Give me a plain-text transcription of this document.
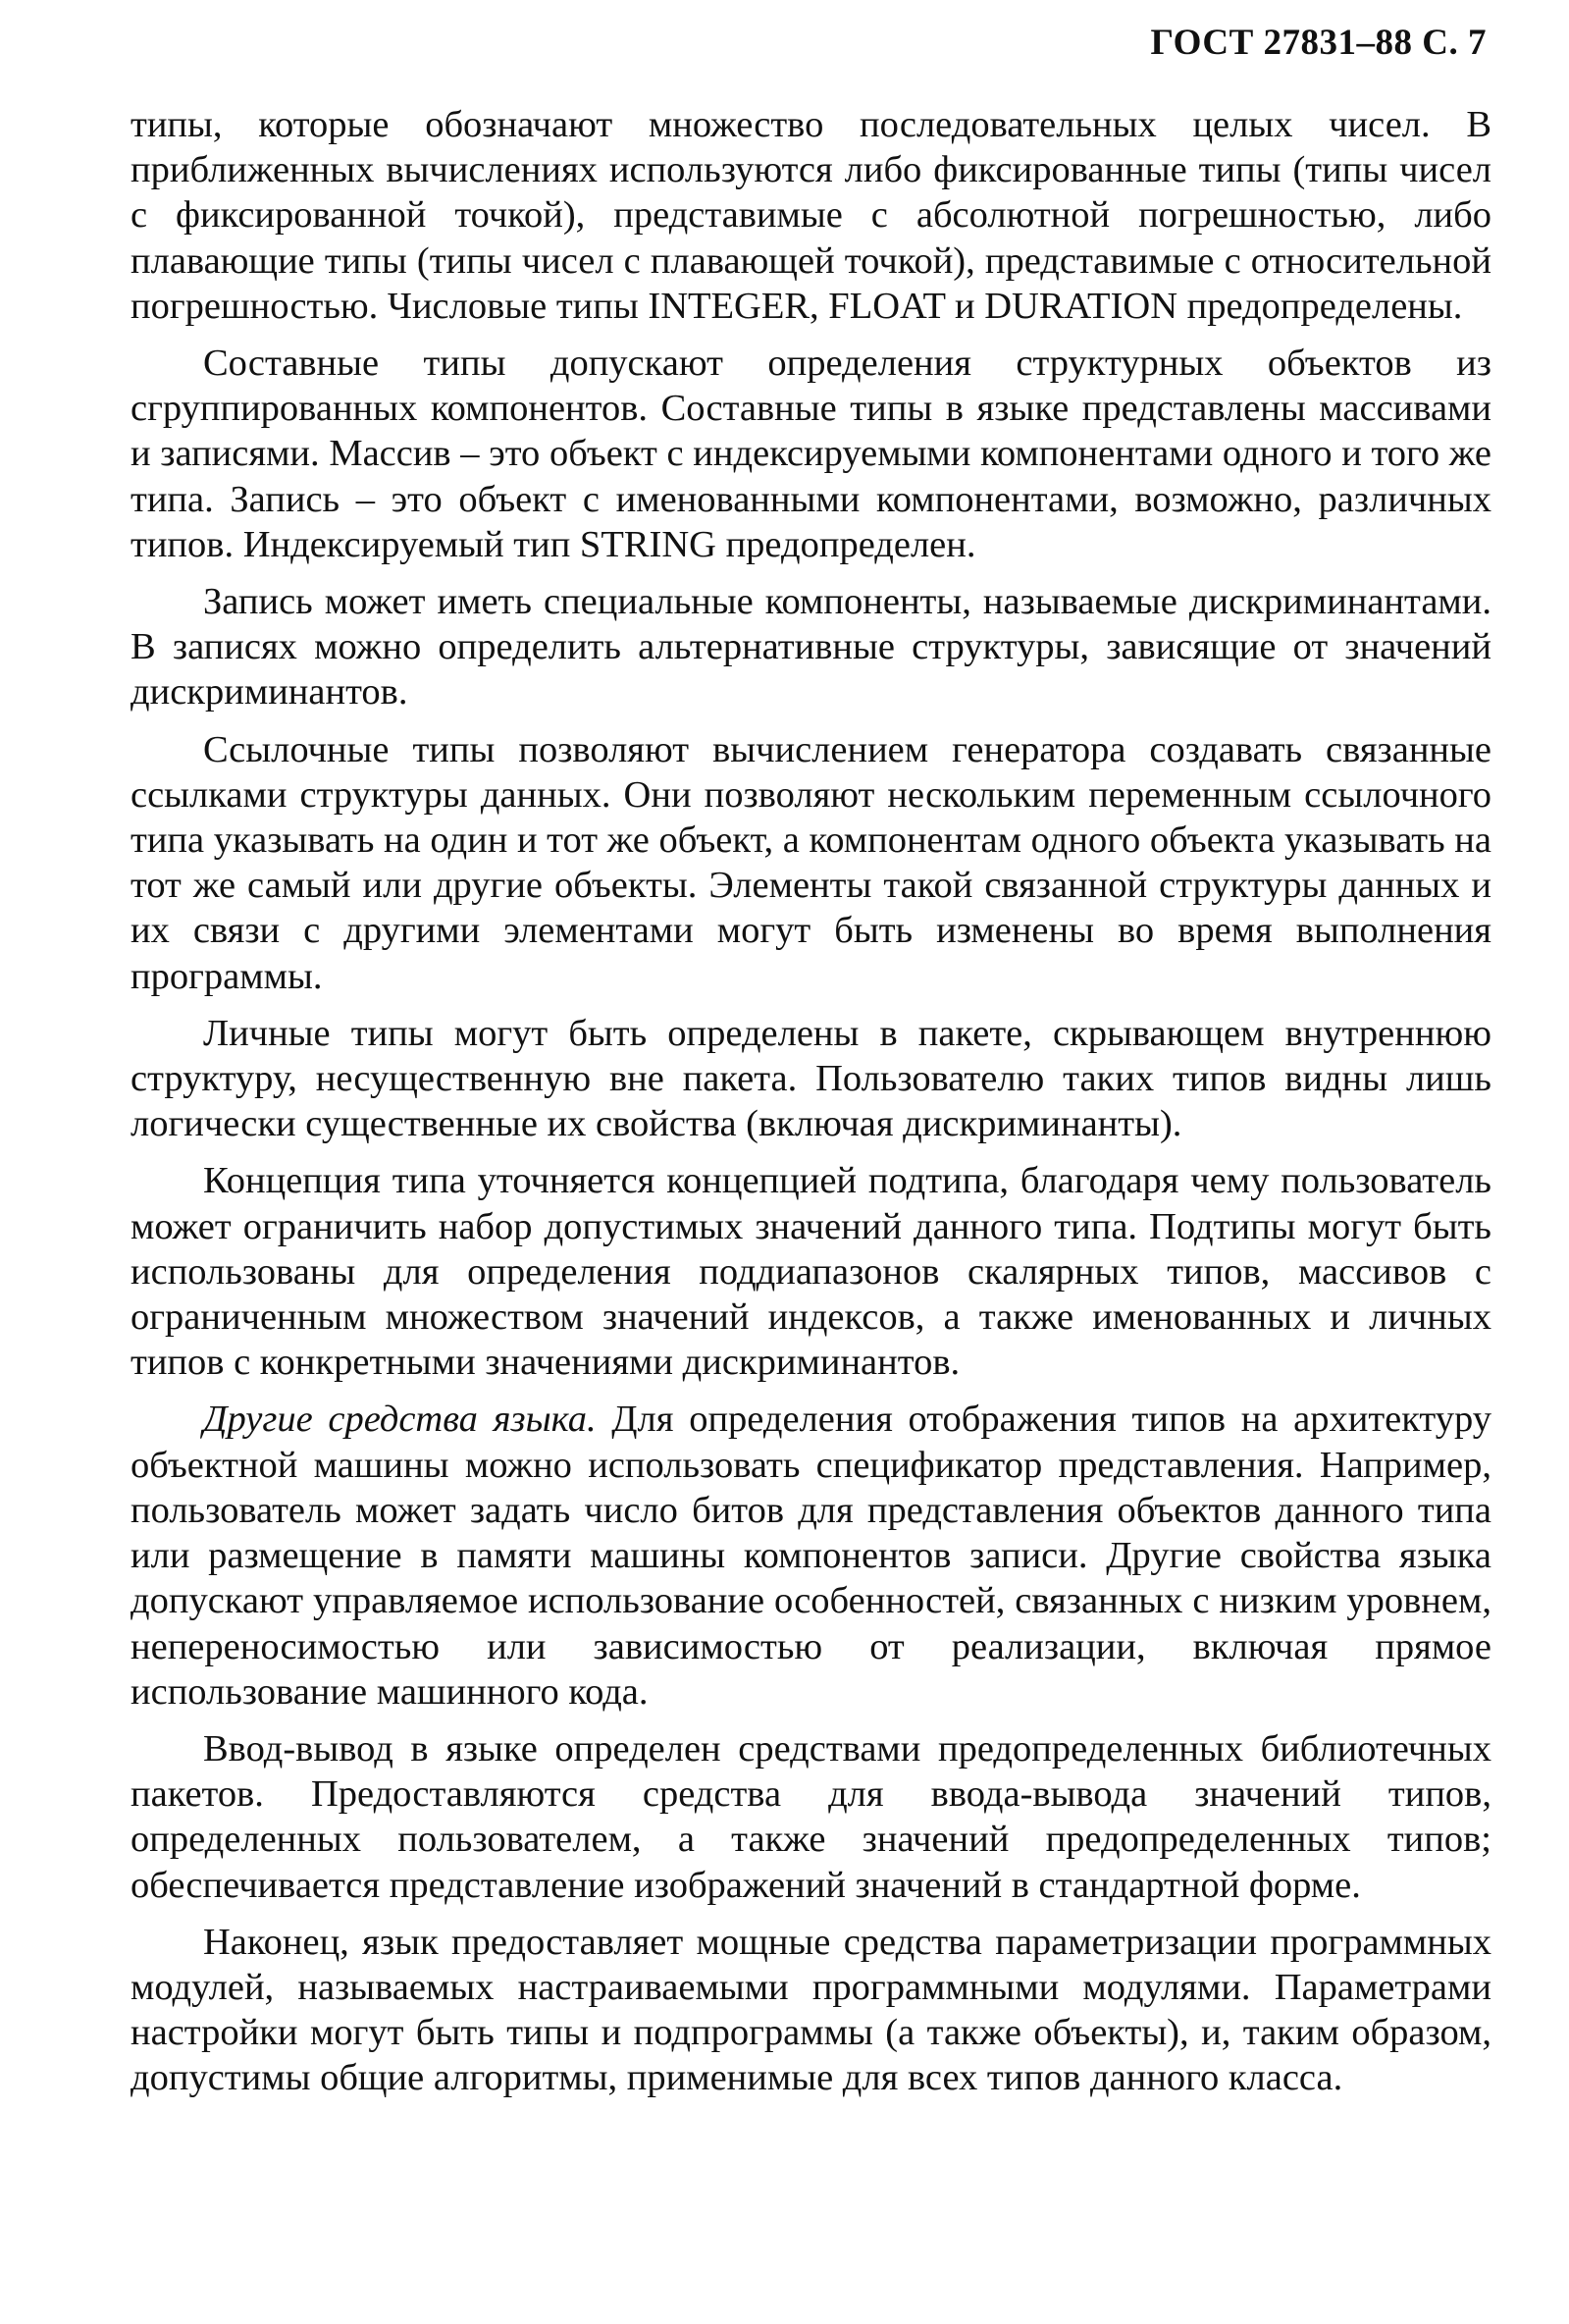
ГОСТ 27831–88 С. 7

типы, которые обозначают множество последовательных целых чисел. В приближенных вычислениях используются либо фиксированные типы (типы чисел с фиксированной точкой), представимые с абсолютной погрешностью, либо плавающие типы (типы чисел с плавающей точкой), представимые с относительной погрешностью. Числовые типы INTEGER, FLOAT и DURATION предопределены.

Составные типы допускают определения структурных объектов из сгруппированных компонентов. Составные типы в языке представлены массивами и записями. Массив – это объект с индексируемыми компонентами одного и того же типа. Запись – это объект с именованными компонентами, возможно, различных типов. Индексируемый тип STRING предопределен.

Запись может иметь специальные компоненты, называемые дискриминантами. В записях можно определить альтернативные структуры, зависящие от значений дискриминантов.

Ссылочные типы позволяют вычислением генератора создавать связанные ссылками структуры данных. Они позволяют нескольким переменным ссылочного типа указывать на один и тот же объект, а компонентам одного объекта указывать на тот же самый или другие объекты. Элементы такой связанной структуры данных и их связи с другими элементами могут быть изменены во время выполнения программы.

Личные типы могут быть определены в пакете, скрывающем внутреннюю структуру, несущественную вне пакета. Пользователю таких типов видны лишь логически существенные их свойства (включая дискриминанты).

Концепция типа уточняется концепцией подтипа, благодаря чему пользователь может ограничить набор допустимых значений данного типа. Подтипы могут быть использованы для определения поддиапазонов скалярных типов, массивов с ограниченным множеством значений индексов, а также именованных и личных типов с конкретными значениями дискриминантов.

Другие средства языка. Для определения отображения типов на архитектуру объектной машины можно использовать спецификатор представления. Например, пользователь может задать число битов для представления объектов данного типа или размещение в памяти машины компонентов записи. Другие свойства языка допускают управляемое использование особенностей, связанных с низким уровнем, непереносимостью или зависимостью от реализации, включая прямое использование машинного кода.

Ввод-вывод в языке определен средствами предопределенных библиотечных пакетов. Предоставляются средства для ввода-вывода значений типов, определенных пользователем, а также значений предопределенных типов; обеспечивается представление изображений значений в стандартной форме.

Наконец, язык предоставляет мощные средства параметризации программных модулей, называемых настраиваемыми программными модулями. Параметрами настройки могут быть типы и подпрограммы (а также объекты), и, таким образом, допустимы общие алгоритмы, применимые для всех типов данного класса.
